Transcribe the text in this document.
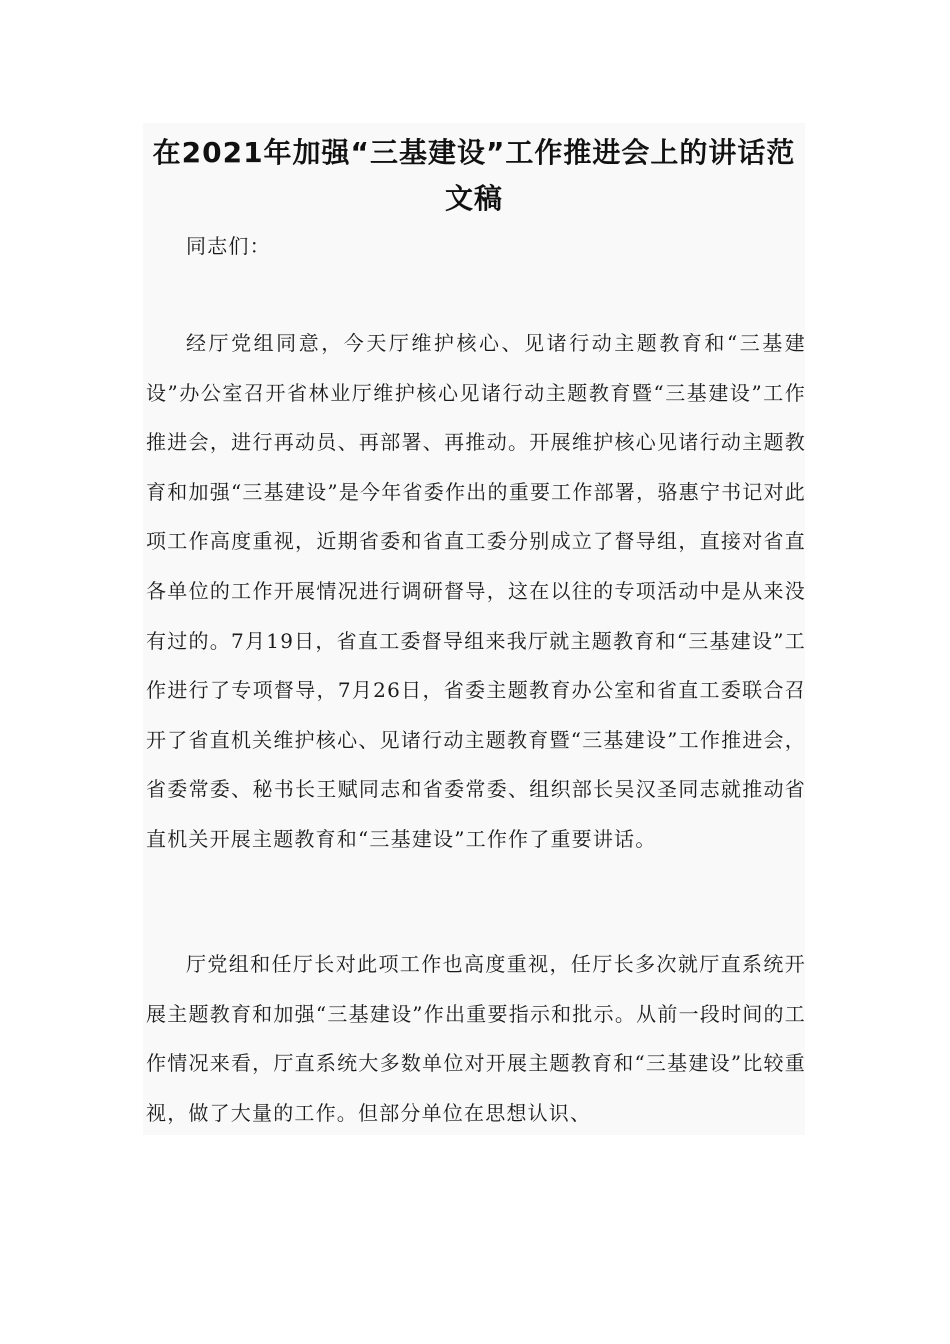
在2021年加强“三基建设”工作推进会上的讲话范文稿

同志们：

经厅党组同意，今天厅维护核心、见诸行动主题教育和“三基建设”办公室召开省林业厅维护核心见诸行动主题教育暨“三基建设”工作推进会，进行再动员、再部署、再推动。开展维护核心见诸行动主题教育和加强“三基建设”是今年省委作出的重要工作部署，骆惠宁书记对此项工作高度重视，近期省委和省直工委分别成立了督导组，直接对省直各单位的工作开展情况进行调研督导，这在以往的专项活动中是从来没有过的。7月19日，省直工委督导组来我厅就主题教育和“三基建设”工作进行了专项督导，7月26日，省委主题教育办公室和省直工委联合召开了省直机关维护核心、见诸行动主题教育暨“三基建设”工作推进会，省委常委、秘书长王赋同志和省委常委、组织部长吴汉圣同志就推动省直机关开展主题教育和“三基建设”工作作了重要讲话。

厅党组和任厅长对此项工作也高度重视，任厅长多次就厅直系统开展主题教育和加强“三基建设”作出重要指示和批示。从前一段时间的工作情况来看，厅直系统大多数单位对开展主题教育和“三基建设”比较重视，做了大量的工作。但部分单位在思想认识、
